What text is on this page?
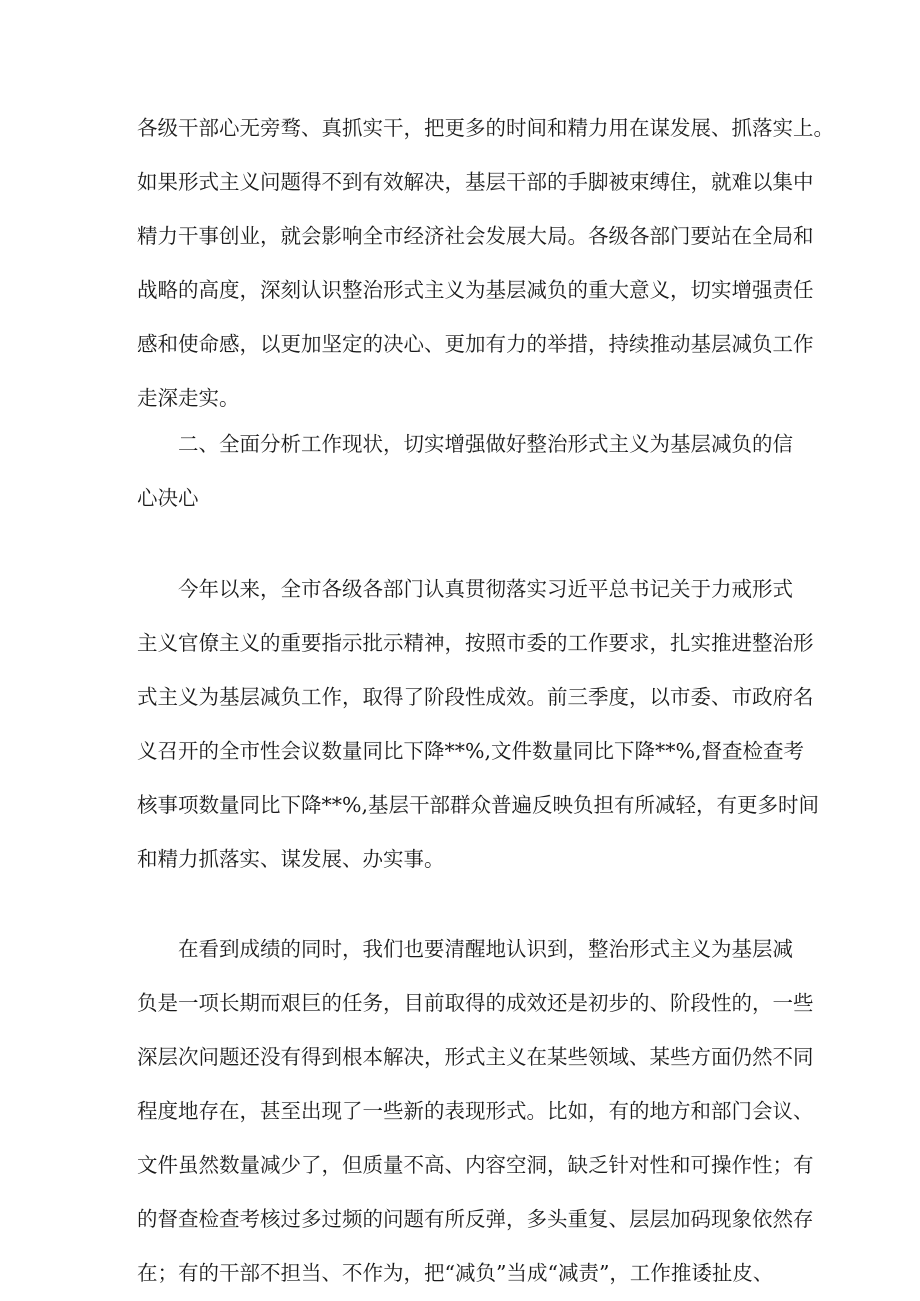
各级干部心无旁骛、真抓实干，把更多的时间和精力用在谋发展、抓落实上。
如果形式主义问题得不到有效解决，基层干部的手脚被束缚住，就难以集中
精力干事创业，就会影响全市经济社会发展大局。各级各部门要站在全局和
战略的高度，深刻认识整治形式主义为基层减负的重大意义，切实增强责任
感和使命感，以更加坚定的决心、更加有力的举措，持续推动基层减负工作
走深走实。
二、全面分析工作现状，切实增强做好整治形式主义为基层减负的信
心决心
今年以来，全市各级各部门认真贯彻落实习近平总书记关于力戒形式
主义官僚主义的重要指示批示精神，按照市委的工作要求，扎实推进整治形
式主义为基层减负工作，取得了阶段性成效。前三季度，以市委、市政府名
义召开的全市性会议数量同比下降**%,文件数量同比下降**%,督查检查考
核事项数量同比下降**%,基层干部群众普遍反映负担有所减轻，有更多时间
和精力抓落实、谋发展、办实事。
在看到成绩的同时，我们也要清醒地认识到，整治形式主义为基层减
负是一项长期而艰巨的任务，目前取得的成效还是初步的、阶段性的，一些
深层次问题还没有得到根本解决，形式主义在某些领域、某些方面仍然不同
程度地存在，甚至出现了一些新的表现形式。比如，有的地方和部门会议、
文件虽然数量减少了，但质量不高、内容空洞，缺乏针对性和可操作性；有
的督查检查考核过多过频的问题有所反弹，多头重复、层层加码现象依然存
在；有的干部不担当、不作为，把“减负”当成“减责”，工作推诿扯皮、
